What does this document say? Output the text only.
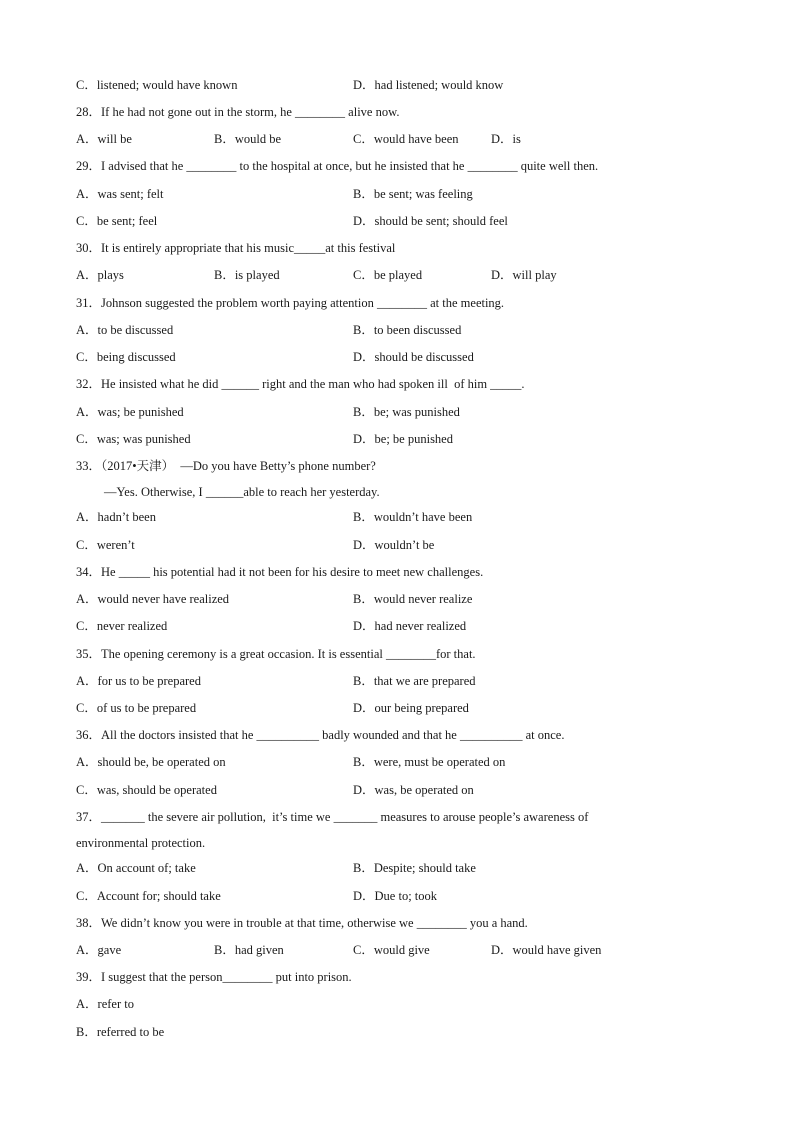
C．listened; would have known	D．had listened; would know
28．If he had not gone out in the storm, he ________ alive now.
A．will be	B．would be	C．would have been	D．is
29．I advised that he ________ to the hospital at once, but he insisted that he ________ quite well then.
A．was sent; felt	B．be sent; was feeling
C．be sent; feel	D．should be sent; should feel
30．It is entirely appropriate that his music_____at this festival
A．plays	B．is played	C．be played	D．will play
31．Johnson suggested the problem worth paying attention ________ at the meeting.
A．to be discussed	B．to been discussed
C．being discussed	D．should be discussed
32．He insisted what he did ______ right and the man who had spoken ill  of him _____.
A．was; be punished	B．be; was punished
C．was; was punished	D．be; be punished
33．（2017•天津）  —Do you have Betty’s phone number?
—Yes. Otherwise, I ______able to reach her yesterday.
A．hadn’t been	B．wouldn’t have been
C．weren’t	D．wouldn’t be
34．He _____ his potential had it not been for his desire to meet new challenges.
A．would never have realized	B．would never realize
C．never realized	D．had never realized
35．The opening ceremony is a great occasion. It is essential ________for that.
A．for us to be prepared	B．that we are prepared
C．of us to be prepared	D．our being prepared
36．All the doctors insisted that he __________ badly wounded and that he __________ at once.
A．should be, be operated on	B．were, must be operated on
C．was, should be operated	D．was, be operated on
37．_______ the severe air pollution,  it’s time we _______ measures to arouse people’s awareness of
environmental protection.
A．On account of; take	B．Despite; should take
C．Account for; should take	D．Due to; took
38．We didn’t know you were in trouble at that time, otherwise we ________ you a hand.
A．gave	B．had given	C．would give	D．would have given
39．I suggest that the person________ put into prison.
A．refer to
B．referred to be
